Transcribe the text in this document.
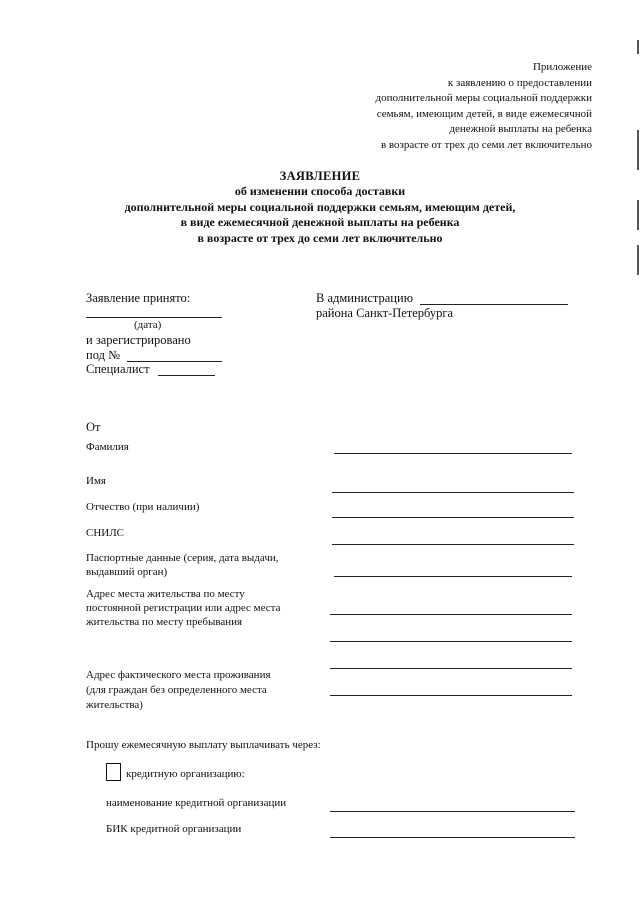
Приложение
к заявлению о предоставлении
дополнительной меры социальной поддержки
семьям, имеющим детей, в виде ежемесячной
денежной выплаты на ребенка
в возрасте от трех до семи лет включительно
ЗАЯВЛЕНИЕ
об изменении способа доставки
дополнительной меры социальной поддержки семьям, имеющим детей,
в виде ежемесячной денежной выплаты на ребенка
в возрасте от трех до семи лет включительно
Заявление принято:
(дата)
и зарегистрировано
под №
Специалист
В администрацию
района Санкт-Петербурга
От
Фамилия
Имя
Отчество (при наличии)
СНИЛС
Паспортные данные (серия, дата выдачи,
выдавший орган)
Адрес места жительства по месту
постоянной регистрации или адрес места
жительства по месту пребывания
Адрес фактического места проживания
(для граждан без определенного места
жительства)
Прошу ежемесячную выплату выплачивать через:
кредитную организацию:
наименование кредитной организации
БИК кредитной организации
